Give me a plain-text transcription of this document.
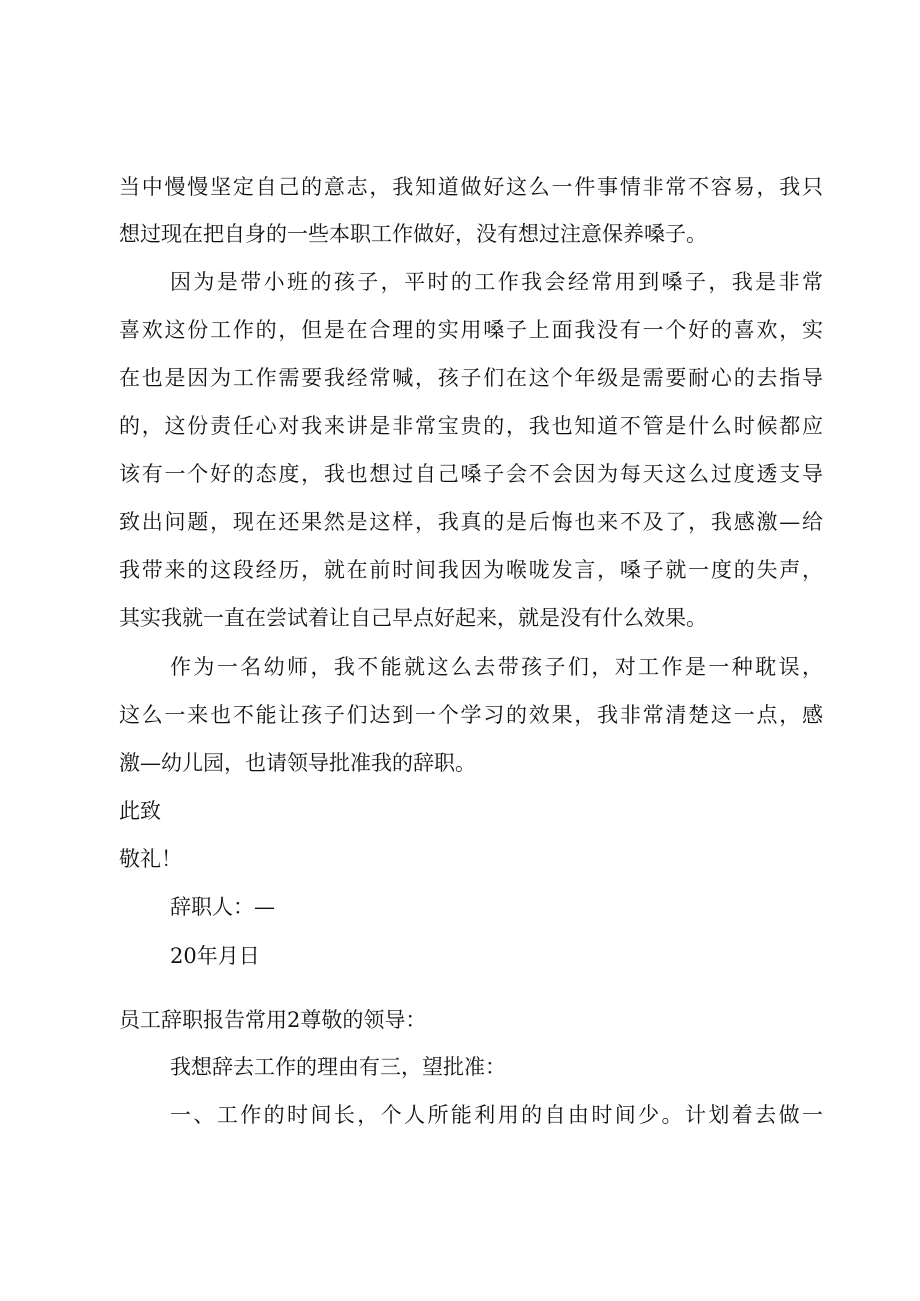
当中慢慢坚定自己的意志，我知道做好这么一件事情非常不容易，我只
想过现在把自身的一些本职工作做好，没有想过注意保养嗓子。
因为是带小班的孩子，平时的工作我会经常用到嗓子，我是非常
喜欢这份工作的，但是在合理的实用嗓子上面我没有一个好的喜欢，实
在也是因为工作需要我经常喊，孩子们在这个年级是需要耐心的去指导
的，这份责任心对我来讲是非常宝贵的，我也知道不管是什么时候都应
该有一个好的态度，我也想过自己嗓子会不会因为每天这么过度透支导
致出问题，现在还果然是这样，我真的是后悔也来不及了，我感激—给
我带来的这段经历，就在前时间我因为喉咙发言，嗓子就一度的失声，
其实我就一直在尝试着让自己早点好起来，就是没有什么效果。
作为一名幼师，我不能就这么去带孩子们，对工作是一种耽误，
这么一来也不能让孩子们达到一个学习的效果，我非常清楚这一点，感
激—幼儿园，也请领导批准我的辞职。
此致
敬礼！
辞职人：—
20年月日
员工辞职报告常用2尊敬的领导：
我想辞去工作的理由有三，望批准：
一、工作的时间长，个人所能利用的自由时间少。计划着去做一
